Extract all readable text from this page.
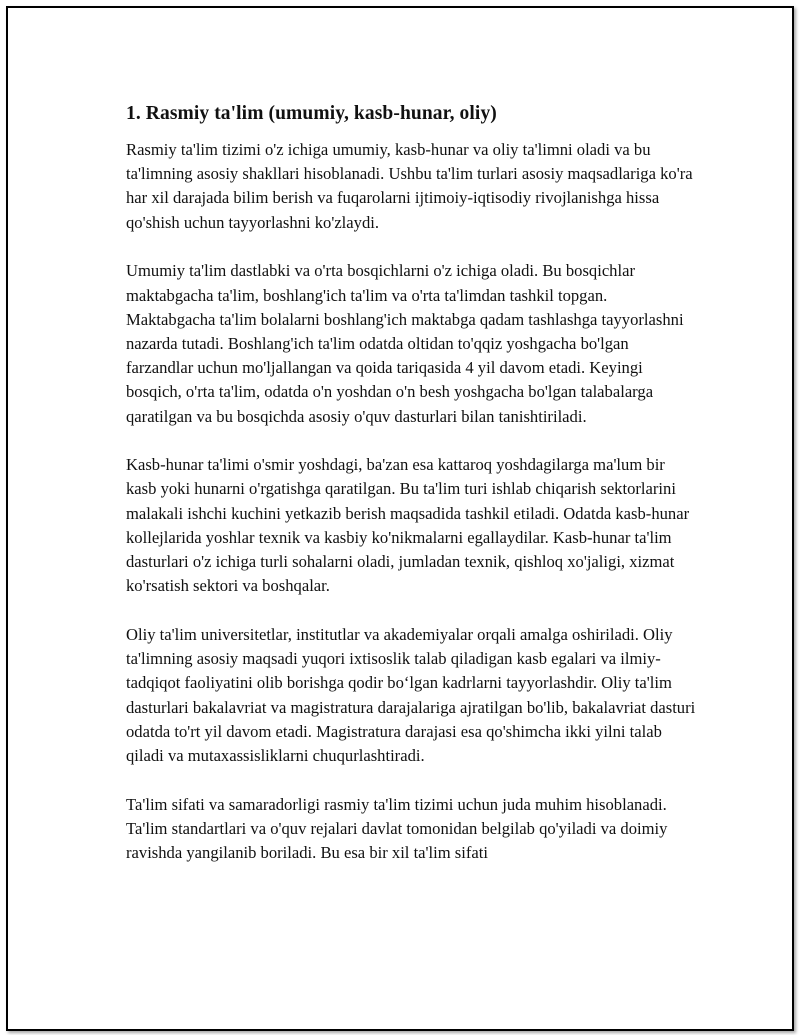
1. Rasmiy ta'lim (umumiy, kasb-hunar, oliy)

Rasmiy ta'lim tizimi o'z ichiga umumiy, kasb-hunar va oliy ta'limni oladi va bu ta'limning asosiy shakllari hisoblanadi. Ushbu ta'lim turlari asosiy maqsadlariga ko'ra har xil darajada bilim berish va fuqarolarni ijtimoiy-iqtisodiy rivojlanishga hissa qo'shish uchun tayyorlashni ko'zlaydi.

Umumiy ta'lim dastlabki va o'rta bosqichlarni o'z ichiga oladi. Bu bosqichlar maktabgacha ta'lim, boshlang'ich ta'lim va o'rta ta'limdan tashkil topgan. Maktabgacha ta'lim bolalarni boshlang'ich maktabga qadam tashlashga tayyorlashni nazarda tutadi. Boshlang'ich ta'lim odatda oltidan to'qqiz yoshgacha bo'lgan farzandlar uchun mo'ljallangan va qoida tariqasida 4 yil davom etadi. Keyingi bosqich, o'rta ta'lim, odatda o'n yoshdan o'n besh yoshgacha bo'lgan talabalarga qaratilgan va bu bosqichda asosiy o'quv dasturlari bilan tanishtiriladi.

Kasb-hunar ta'limi o'smir yoshdagi, ba'zan esa kattaroq yoshdagilarga ma'lum bir kasb yoki hunarni o'rgatishga qaratilgan. Bu ta'lim turi ishlab chiqarish sektorlarini malakali ishchi kuchini yetkazib berish maqsadida tashkil etiladi. Odatda kasb-hunar kollejlarida yoshlar texnik va kasbiy ko'nikmalarni egallaydilar. Kasb-hunar ta'lim dasturlari o'z ichiga turli sohalarni oladi, jumladan texnik, qishloq xo'jaligi, xizmat ko'rsatish sektori va boshqalar.

Oliy ta'lim universitetlar, institutlar va akademiyalar orqali amalga oshiriladi. Oliy ta'limning asosiy maqsadi yuqori ixtisoslik talab qiladigan kasb egalari va ilmiy-tadqiqot faoliyatini olib borishga qodir bo‘lgan kadrlarni tayyorlashdir. Oliy ta'lim dasturlari bakalavriat va magistratura darajalariga ajratilgan bo'lib, bakalavriat dasturi odatda to'rt yil davom etadi. Magistratura darajasi esa qo'shimcha ikki yilni talab qiladi va mutaxassisliklarni chuqurlashtiradi.

Ta'lim sifati va samaradorligi rasmiy ta'lim tizimi uchun juda muhim hisoblanadi. Ta'lim standartlari va o'quv rejalari davlat tomonidan belgilab qo'yiladi va doimiy ravishda yangilanib boriladi. Bu esa bir xil ta'lim sifati
